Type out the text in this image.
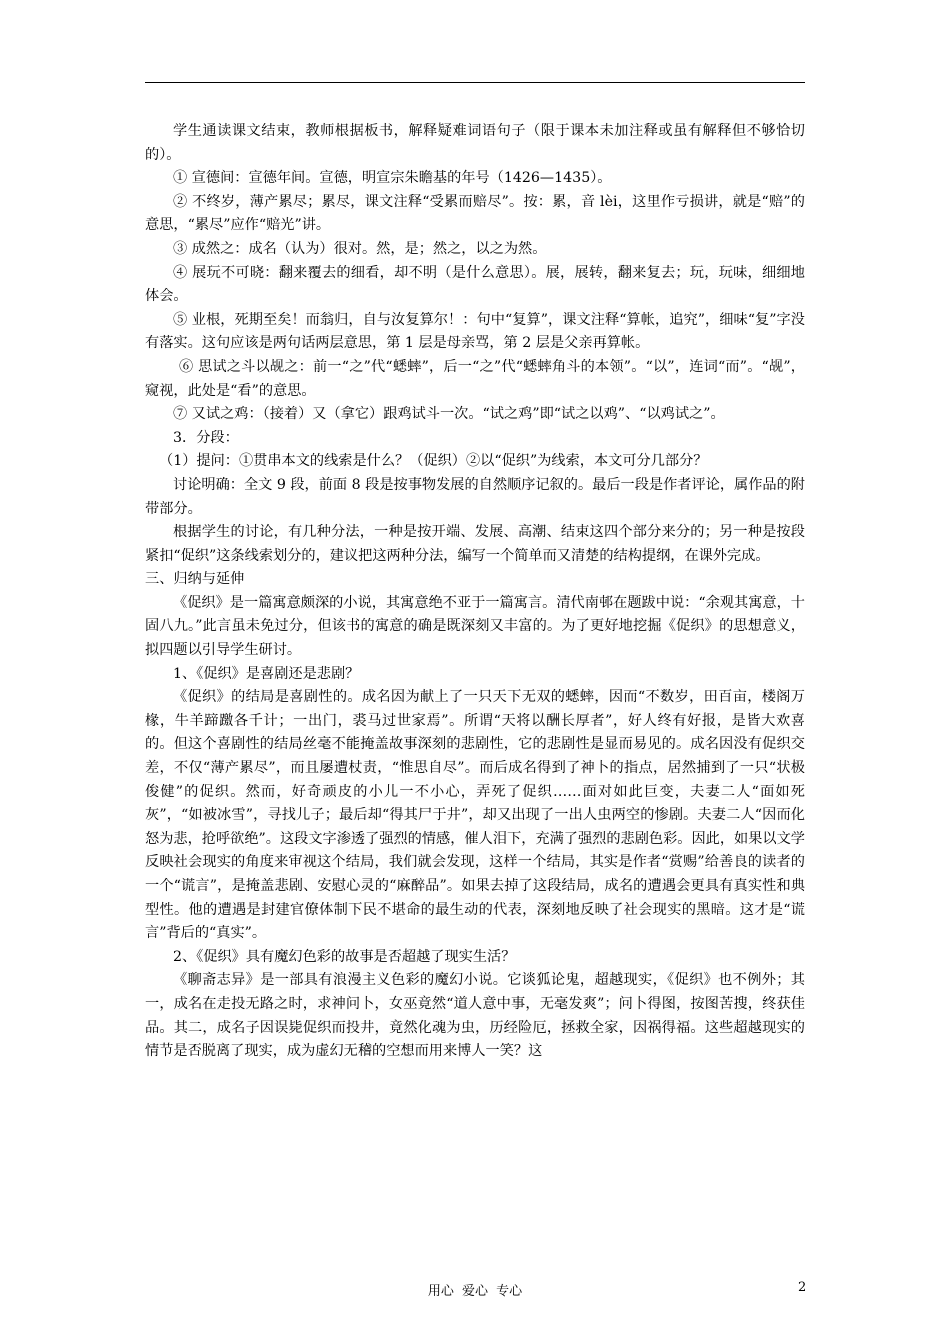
学生通读课文结束，教师根据板书，解释疑难词语句子（限于课本未加注释或虽有解释但不够恰切的）。

① 宣德间：宣德年间。宣德，明宣宗朱瞻基的年号（1426—1435）。

② 不终岁，薄产累尽；累尽，课文注释“受累而赔尽”。按：累，音 lèi，这里作亏损讲，就是“赔”的意思，“累尽”应作“赔光”讲。

③ 成然之：成名（认为）很对。然，是；然之，以之为然。

④ 展玩不可晓：翻来覆去的细看，却不明（是什么意思）。展，展转，翻来复去；玩，玩味，细细地体会。

⑤ 业根，死期至矣！而翁归，自与汝复算尔！：句中“复算”，课文注释“算帐，追究”，细味“复”字没有落实。这句应该是两句话两层意思，第 1 层是母亲骂，第 2 层是父亲再算帐。

⑥ 思试之斗以觇之：前一“之”代“蟋蟀”，后一“之”代“蟋蟀角斗的本领”。“以”，连词“而”。“觇”，窥视，此处是“看”的意思。

⑦ 又试之鸡：（接着）又（拿它）跟鸡试斗一次。“试之鸡”即“试之以鸡”、“以鸡试之”。

3．分段：

（1）提问：①贯串本文的线索是什么？（促织）②以“促织”为线索，本文可分几部分？

讨论明确：全文 9 段，前面 8 段是按事物发展的自然顺序记叙的。最后一段是作者评论，属作品的附带部分。

根据学生的讨论，有几种分法，一种是按开端、发展、高潮、结束这四个部分来分的；另一种是按段紧扣“促织”这条线索划分的，建议把这两种分法，编写一个简单而又清楚的结构提纲，在课外完成。

三、归纳与延伸

《促织》是一篇寓意颇深的小说，其寓意绝不亚于一篇寓言。清代南邨在题跋中说：“余观其寓意，十固八九。”此言虽未免过分，但该书的寓意的确是既深刻又丰富的。为了更好地挖掘《促织》的思想意义，拟四题以引导学生研讨。

1、《促织》是喜剧还是悲剧？

《促织》的结局是喜剧性的。成名因为献上了一只天下无双的蟋蟀，因而“不数岁，田百亩，楼阁万椽，牛羊蹄躈各千计；一出门，裘马过世家焉”。所谓“天将以酬长厚者”，好人终有好报，是皆大欢喜的。但这个喜剧性的结局丝毫不能掩盖故事深刻的悲剧性，它的悲剧性是显而易见的。成名因没有促织交差，不仅“薄产累尽”，而且屡遭杖责，“惟思自尽”。而后成名得到了神卜的指点，居然捕到了一只“状极俊健”的促织。然而，好奇顽皮的小儿一不小心，弄死了促织……面对如此巨变，夫妻二人“面如死灰”，“如被冰雪”，寻找儿子；最后却“得其尸于井”，却又出现了一出人虫两空的惨剧。夫妻二人“因而化怒为悲，抢呼欲绝”。这段文字渗透了强烈的情感，催人泪下，充满了强烈的悲剧色彩。因此，如果以文学反映社会现实的角度来审视这个结局，我们就会发现，这样一个结局，其实是作者“赏赐”给善良的读者的一个“谎言”，是掩盖悲剧、安慰心灵的“麻醉品”。如果去掉了这段结局，成名的遭遇会更具有真实性和典型性。他的遭遇是封建官僚体制下民不堪命的最生动的代表，深刻地反映了社会现实的黑暗。这才是“谎言”背后的“真实”。

2、《促织》具有魔幻色彩的故事是否超越了现实生活？

《聊斋志异》是一部具有浪漫主义色彩的魔幻小说。它谈狐论鬼，超越现实，《促织》也不例外；其一，成名在走投无路之时，求神问卜，女巫竟然“道人意中事，无毫发爽”；问卜得图，按图苦搜，终获佳品。其二，成名子因误毙促织而投井，竟然化魂为虫，历经险厄，拯救全家，因祸得福。这些超越现实的情节是否脱离了现实，成为虚幻无稽的空想而用来博人一笑？这

用心 爱心 专心	2
